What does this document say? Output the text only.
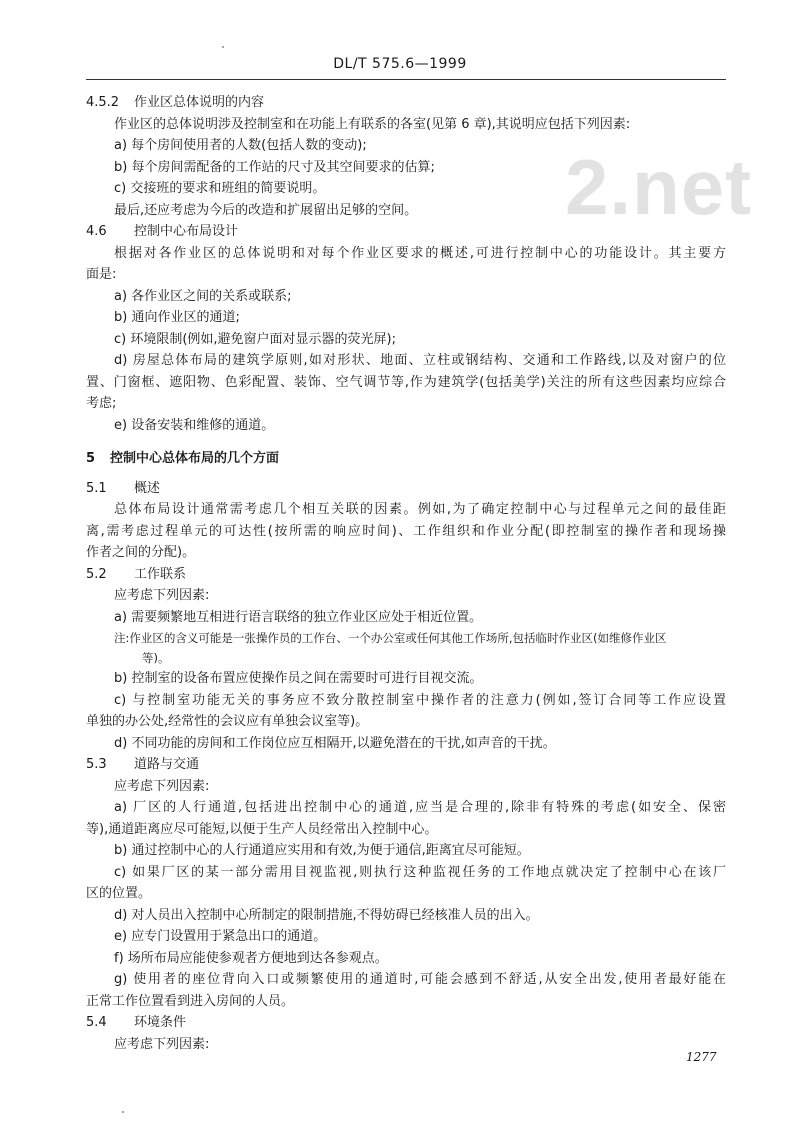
DL/T 575.6—1999
2.net
4.5.2 作业区总体说明的内容
作业区的总体说明涉及控制室和在功能上有联系的各室(见第 6 章),其说明应包括下列因素:
a) 每个房间使用者的人数(包括人数的变动);
b) 每个房间需配备的工作站的尺寸及其空间要求的估算;
c) 交接班的要求和班组的简要说明。
最后,还应考虑为今后的改造和扩展留出足够的空间。
4.6 控制中心布局设计
根据对各作业区的总体说明和对每个作业区要求的概述,可进行控制中心的功能设计。其主要方
面是:
a) 各作业区之间的关系或联系;
b) 通向作业区的通道;
c) 环境限制(例如,避免窗户面对显示器的荧光屏);
d) 房屋总体布局的建筑学原则,如对形状、地面、立柱或钢结构、交通和工作路线,以及对窗户的位
置、门窗框、遮阳物、色彩配置、装饰、空气调节等,作为建筑学(包括美学)关注的所有这些因素均应综合
考虑;
e) 设备安装和维修的通道。
5 控制中心总体布局的几个方面
5.1 概述
总体布局设计通常需考虑几个相互关联的因素。例如,为了确定控制中心与过程单元之间的最佳距
离,需考虑过程单元的可达性(按所需的响应时间)、工作组织和作业分配(即控制室的操作者和现场操
作者之间的分配)。
5.2 工作联系
应考虑下列因素:
a) 需要频繁地互相进行语言联络的独立作业区应处于相近位置。
注:作业区的含义可能是一张操作员的工作台、一个办公室或任何其他工作场所,包括临时作业区(如维修作业区
等)。
b) 控制室的设备布置应使操作员之间在需要时可进行目视交流。
c) 与控制室功能无关的事务应不致分散控制室中操作者的注意力(例如,签订合同等工作应设置
单独的办公处,经常性的会议应有单独会议室等)。
d) 不同功能的房间和工作岗位应互相隔开,以避免潜在的干扰,如声音的干扰。
5.3 道路与交通
应考虑下列因素:
a) 厂区的人行通道,包括进出控制中心的通道,应当是合理的,除非有特殊的考虑(如安全、保密
等),通道距离应尽可能短,以便于生产人员经常出入控制中心。
b) 通过控制中心的人行通道应实用和有效,为便于通信,距离宜尽可能短。
c) 如果厂区的某一部分需用目视监视,则执行这种监视任务的工作地点就决定了控制中心在该厂
区的位置。
d) 对人员出入控制中心所制定的限制措施,不得妨碍已经核准人员的出入。
e) 应专门设置用于紧急出口的通道。
f) 场所布局应能使参观者方便地到达各参观点。
g) 使用者的座位背向入口或频繁使用的通道时,可能会感到不舒适,从安全出发,使用者最好能在
正常工作位置看到进入房间的人员。
5.4 环境条件
应考虑下列因素:
1277
